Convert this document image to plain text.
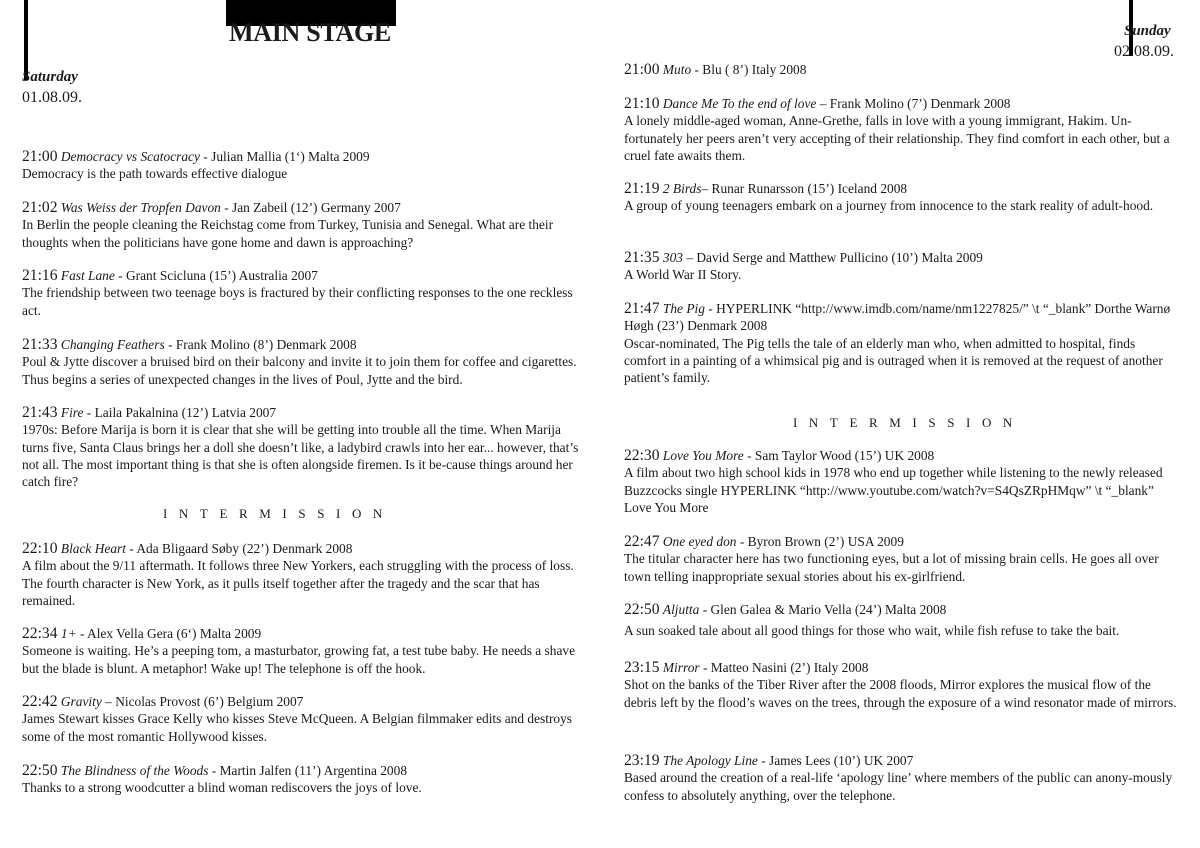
MAIN STAGE
Saturday
01.08.09.
Sunday
02.08.09.
21:00 Democracy vs Scatocracy - Julian Mallia (1‘) Malta 2009
Democracy is the path towards effective dialogue
21:02 Was Weiss der Tropfen Davon - Jan Zabeil (12’) Germany 2007
In Berlin the people cleaning the Reichstag come from Turkey, Tunisia and Senegal. What are their thoughts when the politicians have gone home and dawn is approaching?
21:16 Fast Lane - Grant Scicluna (15’) Australia 2007
The friendship between two teenage boys is fractured by their conflicting responses to the one reckless act.
21:33 Changing Feathers - Frank Molino (8’) Denmark 2008
Poul & Jytte discover a bruised bird on their balcony and invite it to join them for coffee and cigarettes. Thus begins a series of unexpected changes in the lives of Poul, Jytte and the bird.
21:43 Fire - Laila Pakalnina (12’) Latvia 2007
1970s: Before Marija is born it is clear that she will be getting into trouble all the time. When Marija turns five, Santa Claus brings her a doll she doesn’t like, a ladybird crawls into her ear... however, that’s not all. The most important thing is that she is often alongside firemen. Is it be-cause things around her catch fire?
INTERMISSION
22:10 Black Heart - Ada Bligaard Søby (22’) Denmark 2008
A film about the 9/11 aftermath. It follows three New Yorkers, each struggling with the process of loss. The fourth character is New York, as it pulls itself together after the tragedy and the scar that has remained.
22:34 1+ - Alex Vella Gera (6‘) Malta 2009
Someone is waiting. He’s a peeping tom, a masturbator, growing fat, a test tube baby. He needs a shave but the blade is blunt. A metaphor! Wake up! The telephone is off the hook.
22:42 Gravity – Nicolas Provost (6’) Belgium 2007
James Stewart kisses Grace Kelly who kisses Steve McQueen. A Belgian filmmaker edits and destroys some of the most romantic Hollywood kisses.
22:50 The Blindness of the Woods - Martin Jalfen (11’) Argentina 2008
Thanks to a strong woodcutter a blind woman rediscovers the joys of love.
21:00 Muto - Blu ( 8’) Italy 2008
21:10 Dance Me To the end of love – Frank Molino (7’) Denmark 2008
A lonely middle-aged woman, Anne-Grethe, falls in love with a young immigrant, Hakim. Un-fortunately her peers aren’t very accepting of their relationship. They find comfort in each other, but a cruel fate awaits them.
21:19 2 Birds– Runar Runarsson (15’) Iceland 2008
A group of young teenagers embark on a journey from innocence to the stark reality of adult-hood.
21:35 303 – David Serge and Matthew Pullicino (10’) Malta 2009
A World War II Story.
21:47 The Pig - HYPERLINK “http://www.imdb.com/name/nm1227825/” \t “_blank” Dorthe Warnø Høgh (23’) Denmark 2008
Oscar-nominated, The Pig tells the tale of an elderly man who, when admitted to hospital, finds comfort in a painting of a whimsical pig and is outraged when it is removed at the request of another patient’s family.
INTERMISSION
22:30 Love You More - Sam Taylor Wood (15’) UK 2008
A film about two high school kids in 1978 who end up together while listening to the newly released Buzzcocks single HYPERLINK “http://www.youtube.com/watch?v=S4QsZRpHMqw” \t “_blank” Love You More
22:47 One eyed don - Byron Brown (2’) USA 2009
The titular character here has two functioning eyes, but a lot of missing brain cells. He goes all over town telling inappropriate sexual stories about his ex-girlfriend.
22:50 Aljutta - Glen Galea & Mario Vella (24’) Malta 2008
A sun soaked tale about all good things for those who wait, while fish refuse to take the bait.
23:15 Mirror - Matteo Nasini (2’) Italy 2008
Shot on the banks of the Tiber River after the 2008 floods, Mirror explores the musical flow of the debris left by the flood’s waves on the trees, through the exposure of a wind resonator made of mirrors.
23:19 The Apology Line - James Lees (10’) UK 2007
Based around the creation of a real-life ‘apology line’ where members of the public can anony-mously confess to absolutely anything, over the telephone.
